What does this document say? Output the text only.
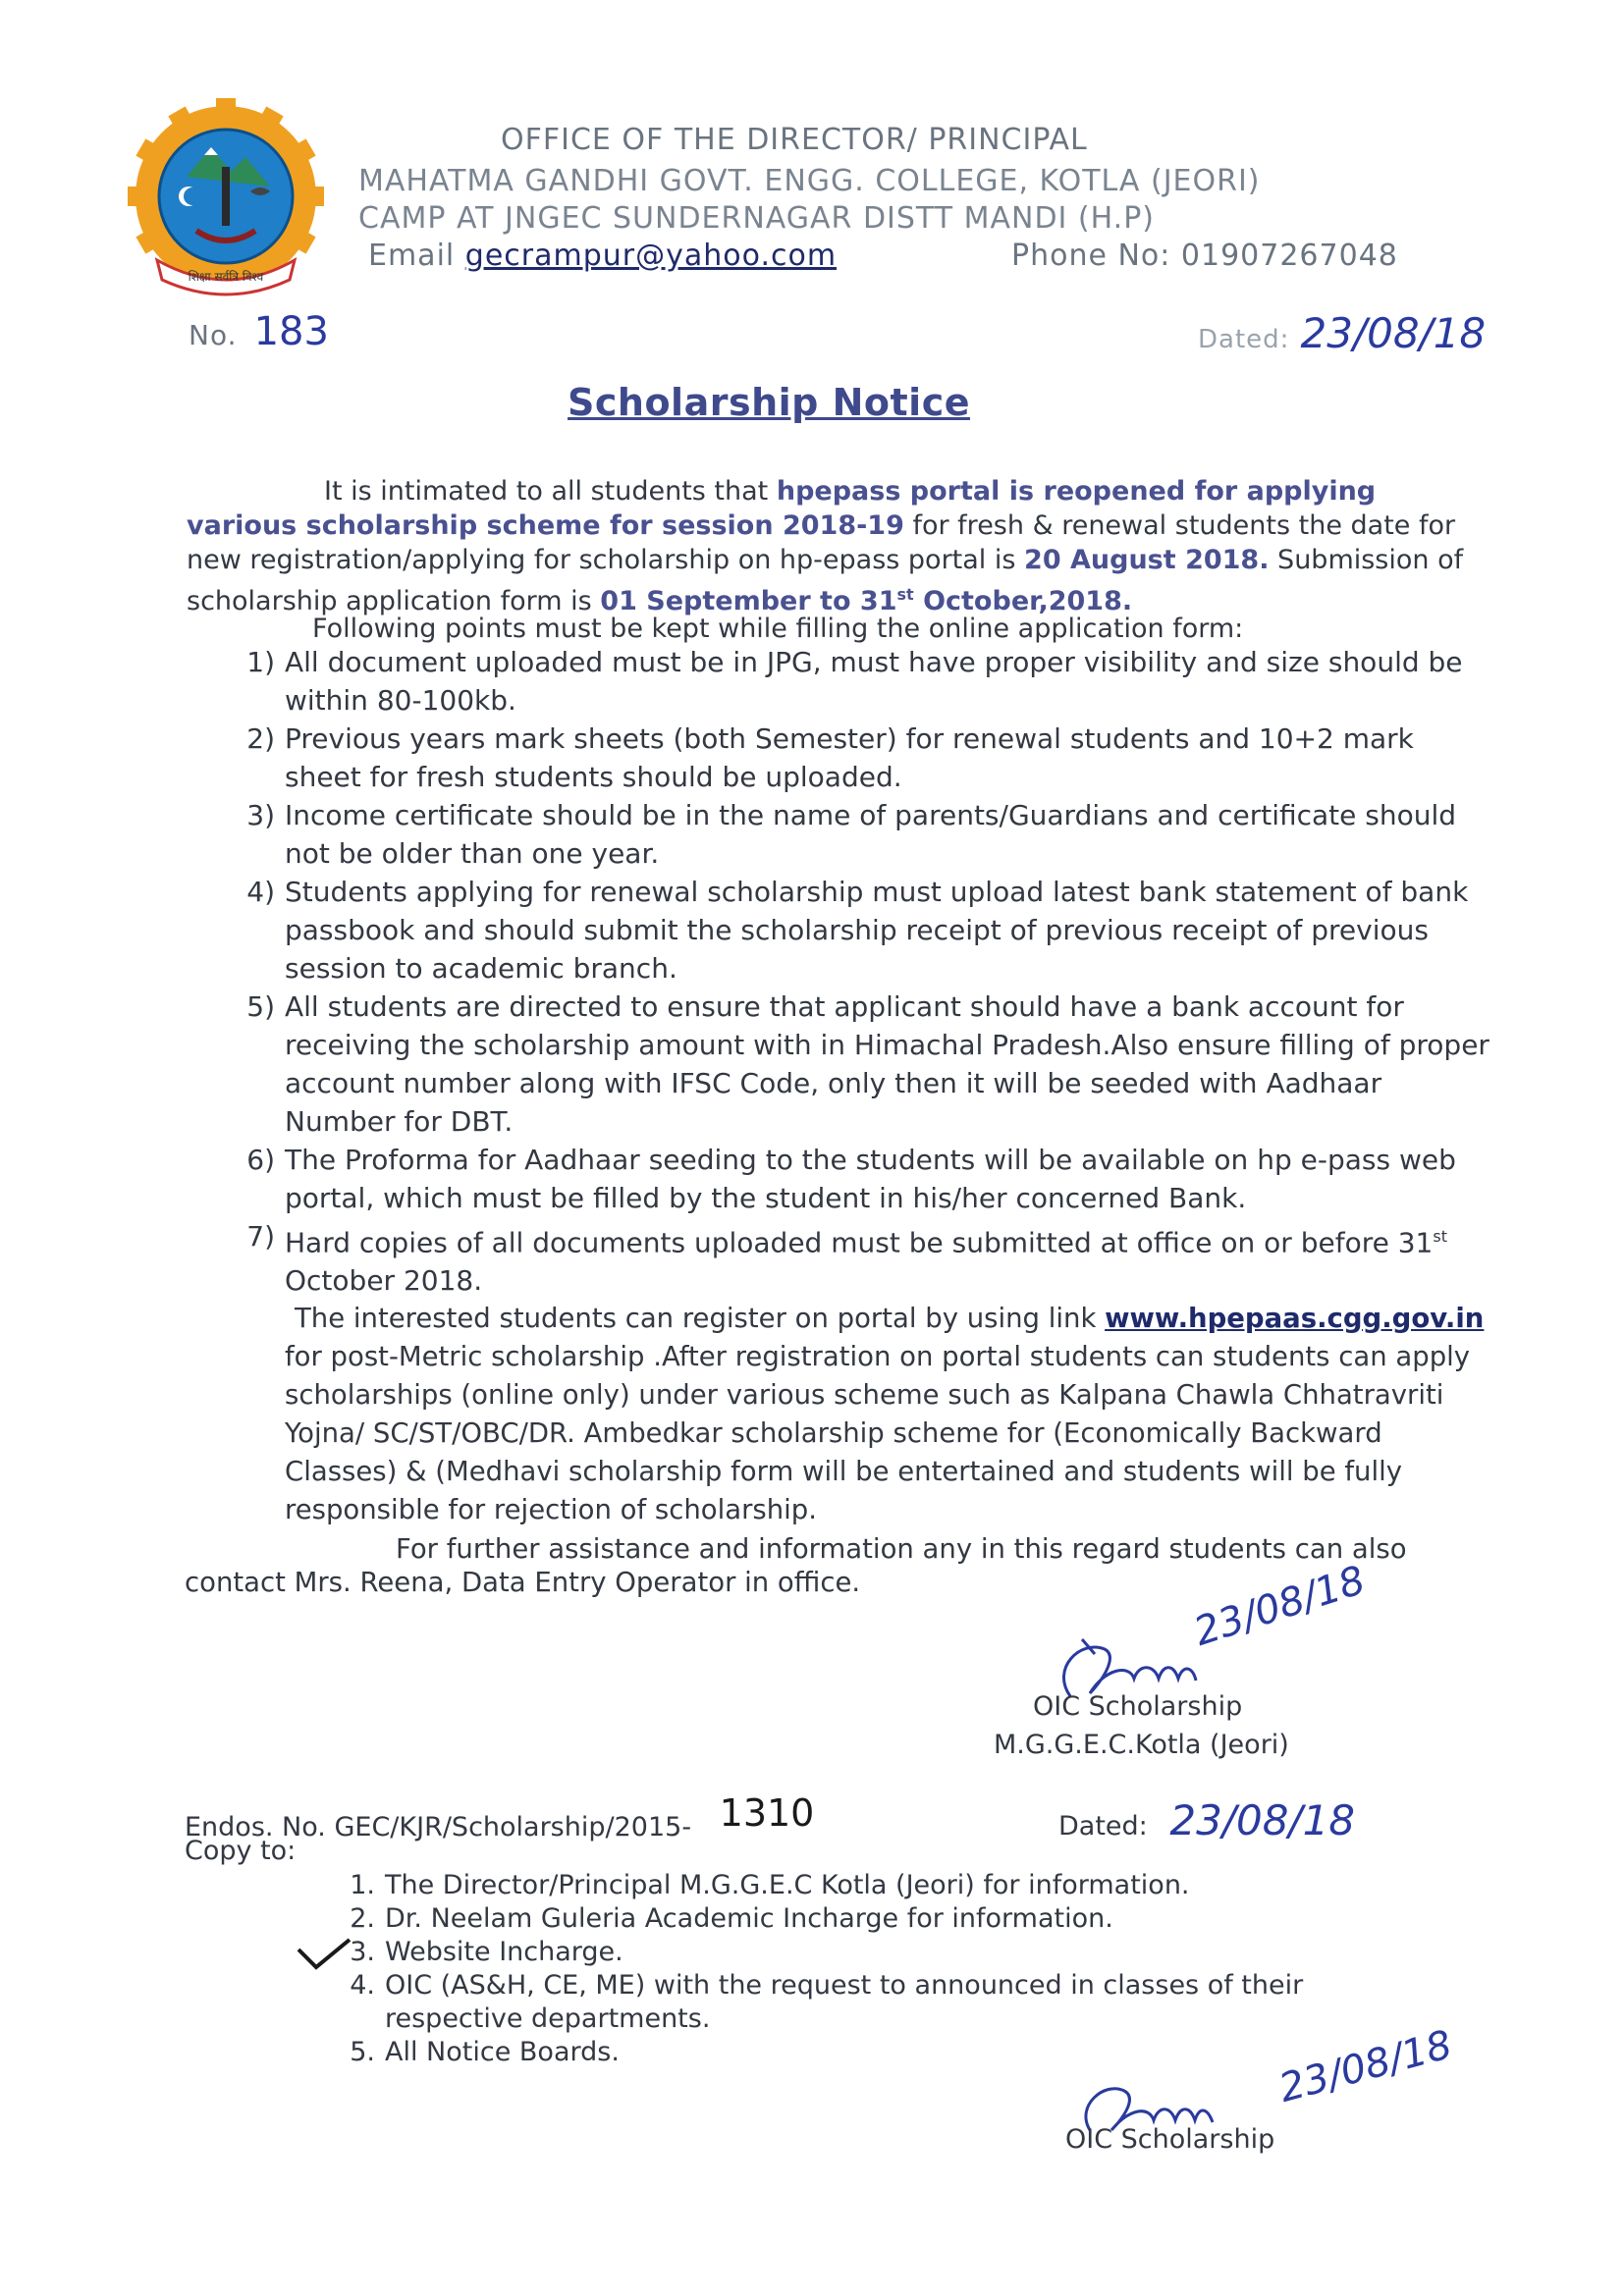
शिक्षा सर्वत्रि विश्व
OFFICE OF THE DIRECTOR/ PRINCIPAL
MAHATMA GANDHI GOVT. ENGG. COLLEGE, KOTLA (JEORI)
CAMP AT JNGEC SUNDERNAGAR DISTT MANDI (H.P)
Email gecrampur@yahoo.com	Phone No: 01907267048
No. 183	Dated: 23/08/18
Scholarship Notice
It is intimated to all students that hpepass portal is reopened for applying various scholarship scheme for session 2018-19 for fresh & renewal students the date for new registration/applying for scholarship on hp-epass portal is 20 August 2018. Submission of scholarship application form is 01 September to 31st October,2018.
Following points must be kept while filling the online application form:
1) All document uploaded must be in JPG, must have proper visibility and size should be within 80-100kb.
2) Previous years mark sheets (both Semester) for renewal students and 10+2 mark sheet for fresh students should be uploaded.
3) Income certificate should be in the name of parents/Guardians and certificate should not be older than one year.
4) Students applying for renewal scholarship must upload latest bank statement of bank passbook and should submit the scholarship receipt of previous receipt of previous session to academic branch.
5) All students are directed to ensure that applicant should have a bank account for receiving the scholarship amount with in Himachal Pradesh.Also ensure filling of proper account number along with IFSC Code, only then it will be seeded with Aadhaar Number for DBT.
6) The Proforma for Aadhaar seeding to the students will be available on hp e-pass web portal, which must be filled by the student in his/her concerned Bank.
7) Hard copies of all documents uploaded must be submitted at office on or before 31st October 2018.
The interested students can register on portal by using link www.hpepaas.cgg.gov.in for post-Metric scholarship .After registration on portal students can students can apply scholarships (online only) under various scheme such as Kalpana Chawla Chhatravriti Yojna/ SC/ST/OBC/DR. Ambedkar scholarship scheme for (Economically Backward Classes) & (Medhavi scholarship form will be entertained and students will be fully responsible for rejection of scholarship.
For further assistance and information any in this regard students can also contact Mrs. Reena, Data Entry Operator in office.	23/08/18
OIC Scholarship
M.G.G.E.C.Kotla (Jeori)
Endos. No. GEC/KJR/Scholarship/2015- 1310	Dated: 23/08/18
Copy to:
1. The Director/Principal M.G.G.E.C Kotla (Jeori) for information.
2. Dr. Neelam Guleria Academic Incharge for information.
3. Website Incharge.
4. OIC (AS&H, CE, ME) with the request to announced in classes of their respective departments.
5. All Notice Boards.	23/08/18
OIC Scholarship
